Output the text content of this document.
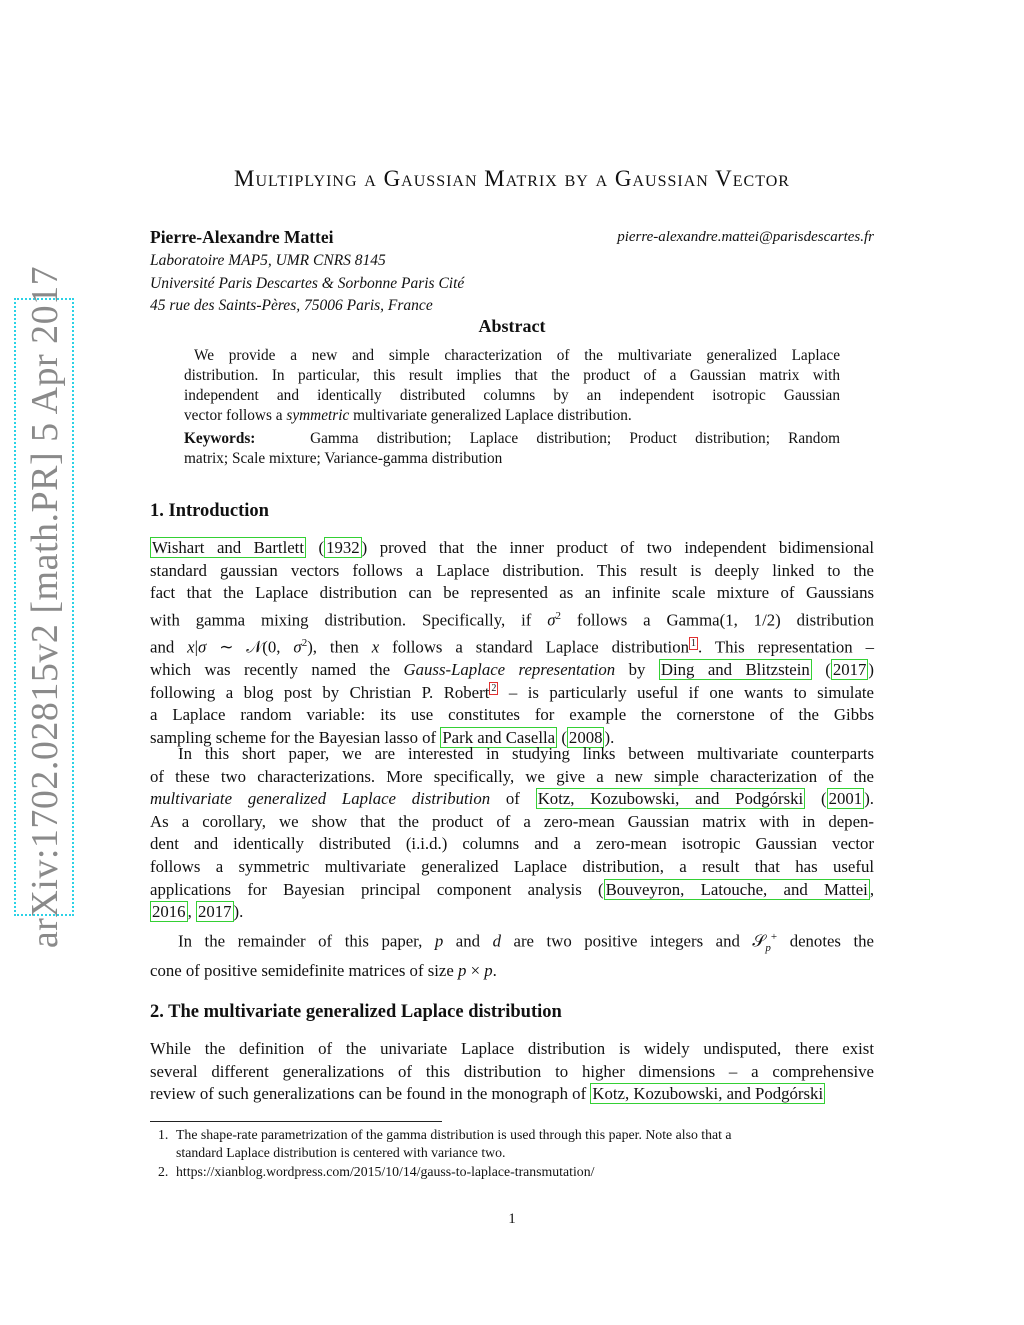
arXiv:1702.02815v2 [math.PR] 5 Apr 2017
Multiplying a Gaussian Matrix by a Gaussian Vector
Pierre-Alexandre Mattei	pierre-alexandre.mattei@parisdescartes.fr
Laboratoire MAP5, UMR CNRS 8145
Université Paris Descartes & Sorbonne Paris Cité
45 rue des Saints-Pères, 75006 Paris, France
Abstract
We provide a new and simple characterization of the multivariate generalized Laplace
distribution. In particular, this result implies that the product of a Gaussian matrix with
independent and identically distributed columns by an independent isotropic Gaussian
vector follows a symmetric multivariate generalized Laplace distribution.
Keywords:	Gamma distribution; Laplace distribution; Product distribution; Random
matrix; Scale mixture; Variance-gamma distribution
1. Introduction
Wishart and Bartlett ( 1932 ) proved that the inner product of two independent bidimensional
standard gaussian vectors follows a Laplace distribution. This result is deeply linked to the
fact that the Laplace distribution can be represented as an infinite scale mixture of Gaussians
with gamma mixing distribution. Specifically, if $\sigma^2$ follows a Gamma(1, 1/2) distribution
and x|σ ∼ 𝒩(0, $\sigma^2$), then x follows a standard Laplace distribution $^1$ . This representation –
which was recently named the Gauss-Laplace representation by Ding and Blitzstein ( 2017 )
following a blog post by Christian P. Robert $^2$ – is particularly useful if one wants to simulate
a Laplace random variable: its use constitutes for example the cornerstone of the Gibbs
sampling scheme for the Bayesian lasso of Park and Casella ( 2008 ).
In this short paper, we are interested in studying links between multivariate counterparts
of these two characterizations. More specifically, we give a new simple characterization of the
multivariate generalized Laplace distribution of Kotz, Kozubowski, and Podgórski ( 2001 ).
As a corollary, we show that the product of a zero-mean Gaussian matrix with in depen-
dent and identically distributed (i.i.d.) columns and a zero-mean isotropic Gaussian vector
follows a symmetric multivariate generalized Laplace distribution, a result that has useful
applications for Bayesian principal component analysis ( Bouveyron, Latouche, and Mattei ,
2016 , 2017 ).
In the remainder of this paper, p and d are two positive integers and 𝒮$_p$+ denotes the
cone of positive semidefinite matrices of size p × p.
2. The multivariate generalized Laplace distribution
While the definition of the univariate Laplace distribution is widely undisputed, there exist
several different generalizations of this distribution to higher dimensions – a comprehensive
review of such generalizations can be found in the monograph of Kotz, Kozubowski, and Podgórski
1. The shape-rate parametrization of the gamma distribution is used through this paper. Note also that a
standard Laplace distribution is centered with variance two.
2. https://xianblog.wordpress.com/2015/10/14/gauss-to-laplace-transmutation/
1
